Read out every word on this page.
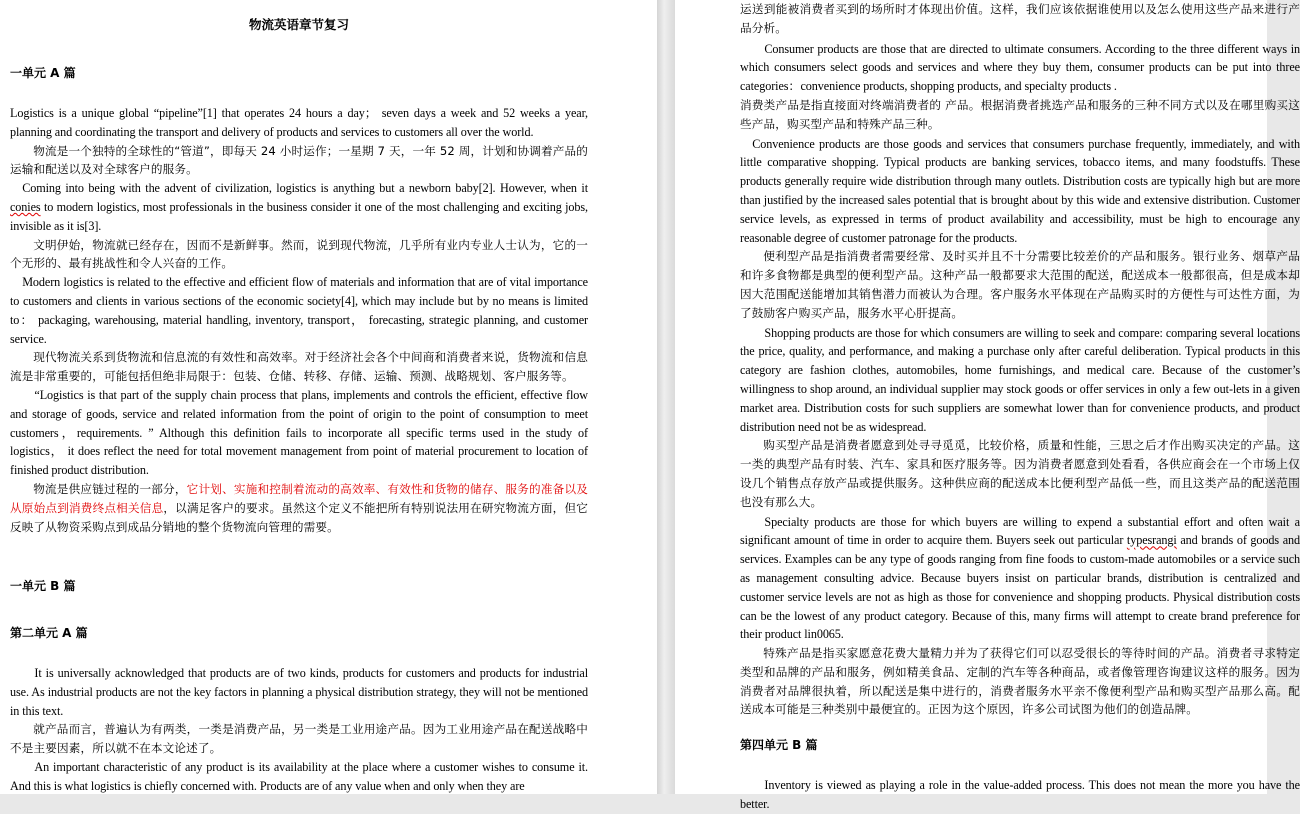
物流英语章节复习
一单元 A 篇

Logistics is a unique global “pipeline”[1] that operates 24 hours a day； seven days a week and 52 weeks a year, planning and coordinating the transport and delivery of products and services to customers all over the world.

物流是一个独特的全球性的“管道”，即每天 24 小时运作；一星期 7 天，一年 52 周，计划和协调着产品的运输和配送以及对全球客户的服务。

Coming into being with the advent of civilization, logistics is anything but a newborn baby[2]. However, when it conies to modern logistics, most professionals in the business consider it one of the most challenging and exciting jobs, invisible as it is[3].

文明伊始，物流就已经存在，因而不是新鲜事。然而，说到现代物流，几乎所有业内专业人士认为，它的一个无形的、最有挑战性和令人兴奋的工作。

Modern logistics is related to the effective and efficient flow of materials and information that are of vital importance to customers and clients in various sections of the economic society[4], which may include but by no means is limited to： packaging, warehousing, material handling, inventory, transport， forecasting, strategic planning, and customer service.

现代物流关系到货物流和信息流的有效性和高效率。对于经济社会各个中间商和消费者来说，货物流和信息流是非常重要的，可能包括但绝非局限于：包装、仓储、转移、存储、运输、预测、战略规划、客户服务等。

“Logistics is that part of the supply chain process that plans, implements and controls the efficient, effective flow and storage of goods, service and related information from the point of origin to the point of consumption to meet customers，requirements. ” Although this definition fails to incorporate all specific terms used in the study of logistics， it does reflect the need for total movement management from point of material procurement to location of finished product distribution.

物流是供应链过程的一部分，它计划、实施和控制着流动的高效率、有效性和货物的储存、服务的准备以及从原始点到消费终点相关信息，以满足客户的要求。虽然这个定义不能把所有特别说法用在研究物流方面，但它反映了从物资采购点到成品分销地的整个货物流向管理的需要。

一单元 B 篇
第二单元 A 篇

It is universally acknowledged that products are of two kinds, products for customers and products for industrial use. As industrial products are not the key factors in planning a physical distribution strategy, they will not be mentioned in this text.

就产品而言，普遍认为有两类，一类是消费产品，另一类是工业用途产品。因为工业用途产品在配送战略中不是主要因素，所以就不在本文论述了。

An important characteristic of any product is its availability at the place where a customer wishes to consume it. And this is what logistics is chiefly concerned with. Products are of any value when and only when they are

运送到能被消费者买到的场所时才体现出价值。这样，我们应该依据谁使用以及怎么使用这些产品来进行产品分析。

Consumer products are those that are directed to ultimate consumers. According to the three different ways in which consumers select goods and services and where they buy them, consumer products can be put into three categories：convenience products, shopping products, and specialty products .

消费类产品是指直接面对终端消费者的 产品。根据消费者挑选产品和服务的三种不同方式以及在哪里购买这些产品，购买型产品和特殊产品三种。

Convenience products are those goods and services that consumers purchase frequently, immediately, and with little comparative shopping. Typical products are banking services, tobacco items, and many foodstuffs. These products generally require wide distribution through many outlets. Distribution costs are typically high but are more than justified by the increased sales potential that is brought about by this wide and extensive distribution. Customer service levels, as expressed in terms of product availability and accessibility, must be high to encourage any reasonable degree of customer patronage for the products.

便利型产品是指消费者需要经常、及时买并且不十分需要比较差价的产品和服务。银行业务、烟草产品和许多食物都是典型的便利型产品。这种产品一般都要求大范围的配送，配送成本一般都很高，但是成本却因大范围配送能增加其销售潜力而被认为合理。客户服务水平体现在产品购买时的方便性与可达性方面，为了鼓励客户购买产品，服务水平心肝提高。

Shopping products are those for which consumers are willing to seek and compare: comparing several locations the price, quality, and performance, and making a purchase only after careful deliberation. Typical products in this category are fashion clothes, automobiles, home furnishings, and medical care. Because of the customer’s willingness to shop around, an individual supplier may stock goods or offer services in only a few out-lets in a given market area. Distribution costs for such suppliers are somewhat lower than for convenience products, and product distribution need not be as widespread.

购买型产品是消费者愿意到处寻寻觅觅，比较价格，质量和性能，三思之后才作出购买决定的产品。这一类的典型产品有时装、汽车、家具和医疗服务等。因为消费者愿意到处看看，各供应商会在一个市场上仅设几个销售点存放产品或提供服务。这种供应商的配送成本比便利型产品低一些，而且这类产品的配送范围也没有那么大。

Specialty products are those for which buyers are willing to expend a substantial effort and often wait a significant amount of time in order to acquire them. Buyers seek out particular typesrangi and brands of goods and services. Examples can be any type of goods ranging from fine foods to custom-made automobiles or a service such as management consulting advice. Because buyers insist on particular brands, distribution is centralized and customer service levels are not as high as those for convenience and shopping products. Physical distribution costs can be the lowest of any product category. Because of this, many firms will attempt to create brand preference for their product lin0065.

特殊产品是指买家愿意花费大量精力并为了获得它们可以忍受很长的等待时间的产品。消费者寻求特定类型和品牌的产品和服务，例如精美食品、定制的汽车等各种商品，或者像管理咨询建议这样的服务。因为消费者对品牌很执着，所以配送是集中进行的，消费者服务水平亲不像便利型产品和购买型产品那么高。配送成本可能是三种类别中最便宜的。正因为这个原因，许多公司试图为他们的创造品牌。

第四单元 B 篇

Inventory is viewed as playing a role in the value-added process. This does not mean the more you have the better.
